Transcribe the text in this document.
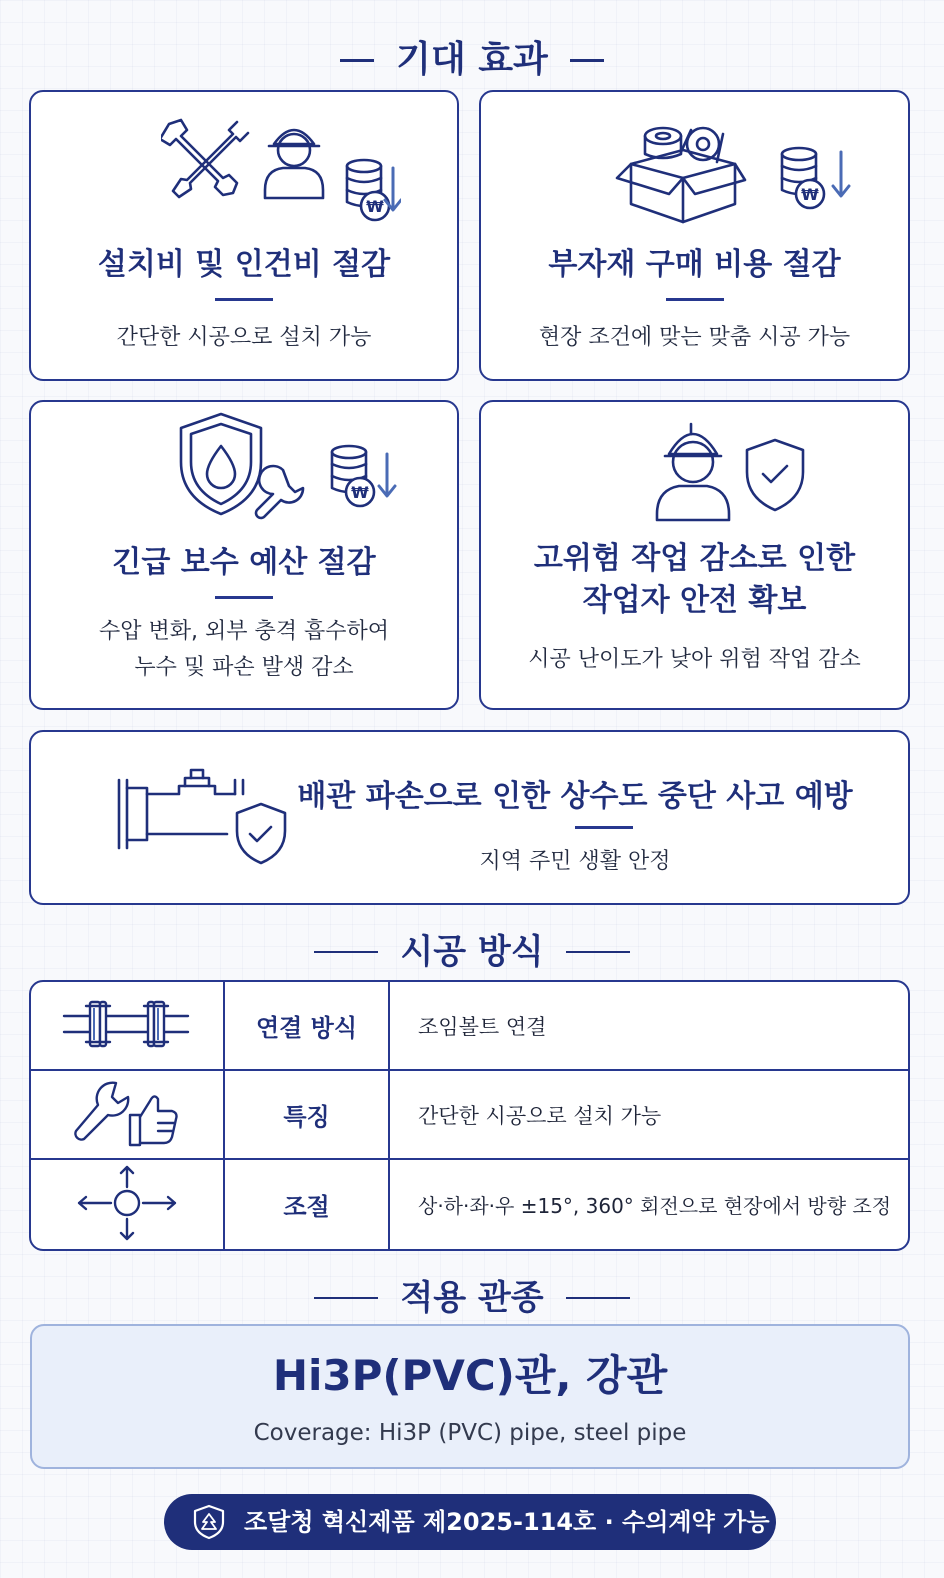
기대 효과
₩
설치비 및 인건비 절감
간단한 시공으로 설치 가능
₩
부자재 구매 비용 절감
현장 조건에 맞는 맞춤 시공 가능
₩
긴급 보수 예산 절감
수압 변화, 외부 충격 흡수하여
누수 및 파손 발생 감소
고위험 작업 감소로 인한
작업자 안전 확보
시공 난이도가 낮아 위험 작업 감소
배관 파손으로 인한 상수도 중단 사고 예방
지역 주민 생활 안정
시공 방식
	연결 방식	조임볼트 연결
	특징	간단한 시공으로 설치 가능
	조절	상·하·좌·우 ±15°, 360° 회전으로 현장에서 방향 조정
적용 관종
Hi3P(PVC)관, 강관
Coverage: Hi3P (PVC) pipe, steel pipe
조달청 혁신제품 제2025-114호 · 수의계약 가능
